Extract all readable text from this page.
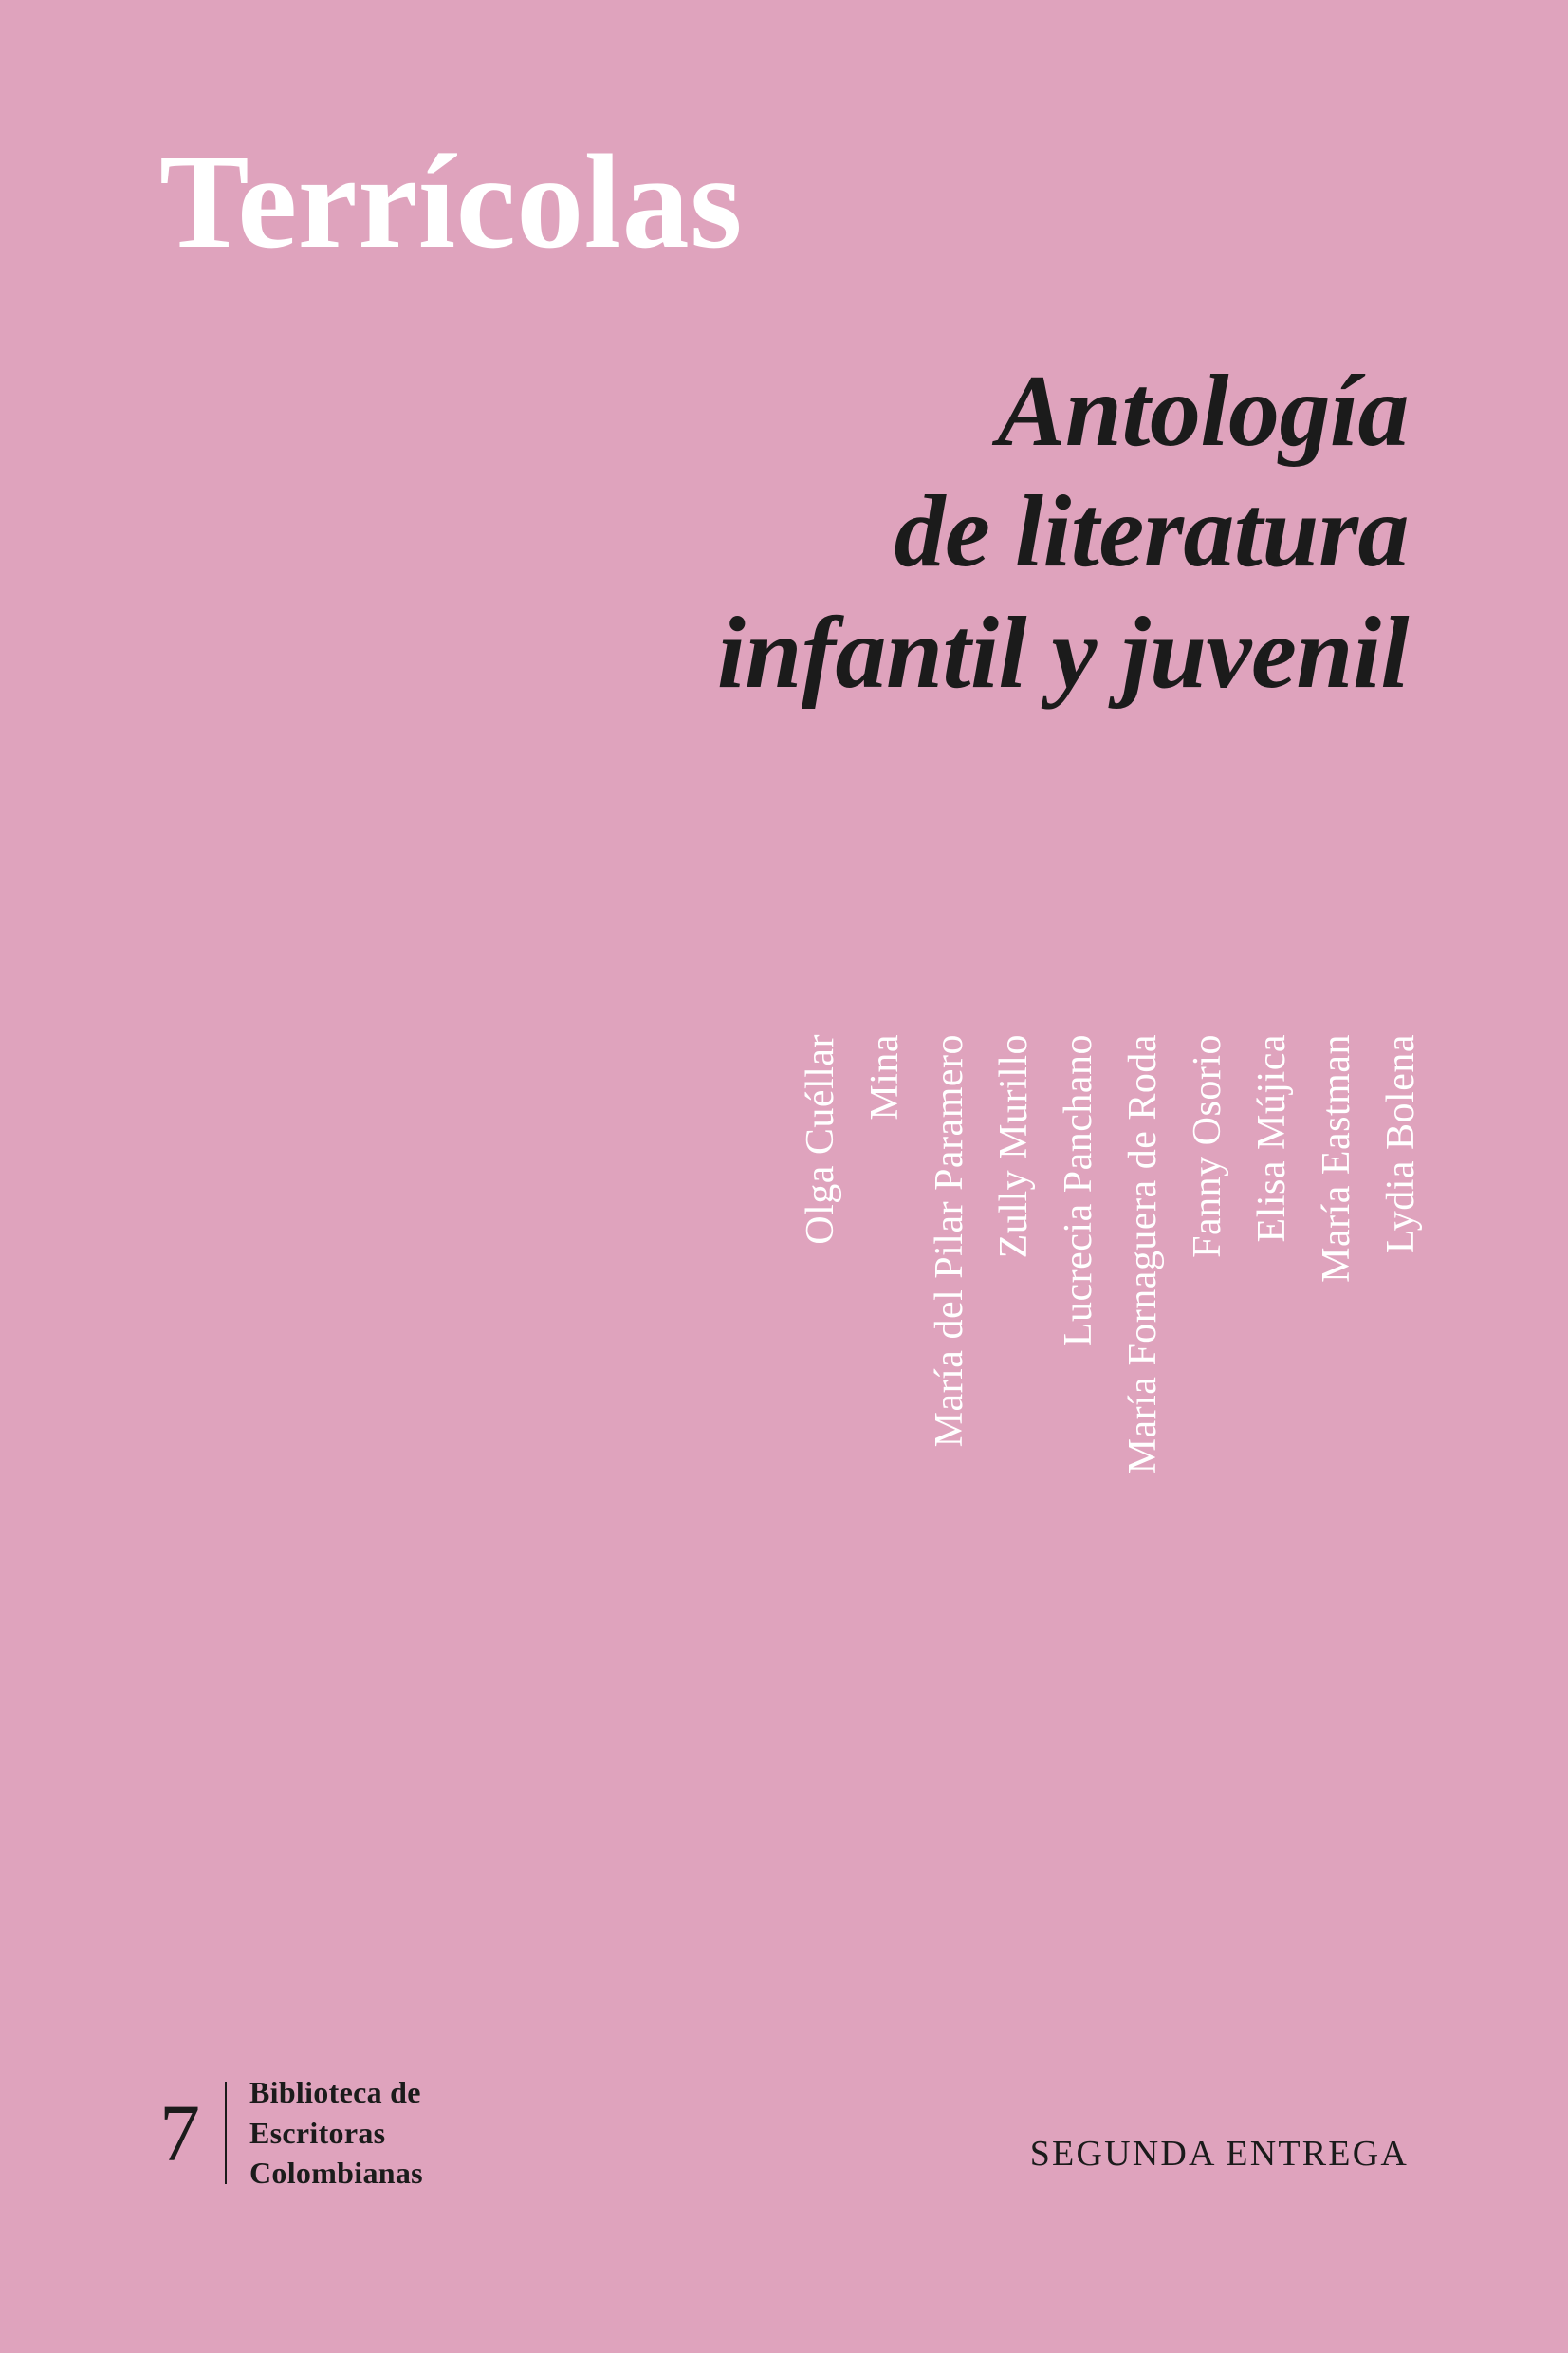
Terrícolas
Antología
de literatura
infantil y juvenil
Olga Cuéllar Mina María del Pilar Paramero Zully Murillo Lucrecia Panchano María Fornaguera de Roda Fanny Osorio Elisa Mújica María Eastman Lydia Bolena
7	Biblioteca de
Escritoras
Colombianas	SEGUNDA ENTREGA
